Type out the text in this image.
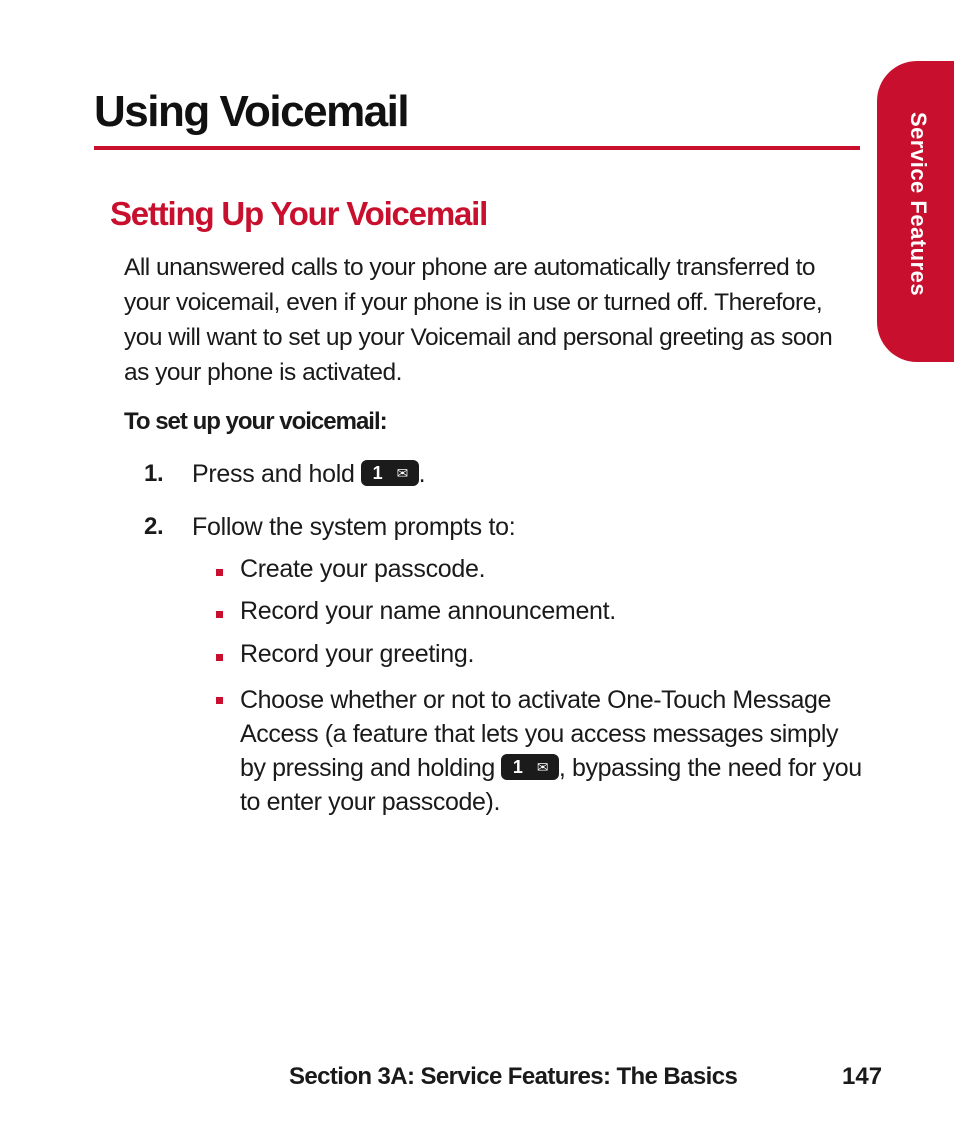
Using Voicemail
Service Features
Setting Up Your Voicemail

All unanswered calls to your phone are automatically transferred to your voicemail, even if your phone is in use or turned off. Therefore, you will want to set up your Voicemail and personal greeting as soon as your phone is activated.

To set up your voicemail:
1. Press and hold 1 ✉ .
2. Follow the system prompts to:
Create your passcode.
Record your name announcement.
Record your greeting.
Choose whether or not to activate One-Touch Message Access (a feature that lets you access messages simply by pressing and holding 1 ✉ , bypassing the need for you to enter your passcode).
Section 3A: Service Features: The Basics	147
